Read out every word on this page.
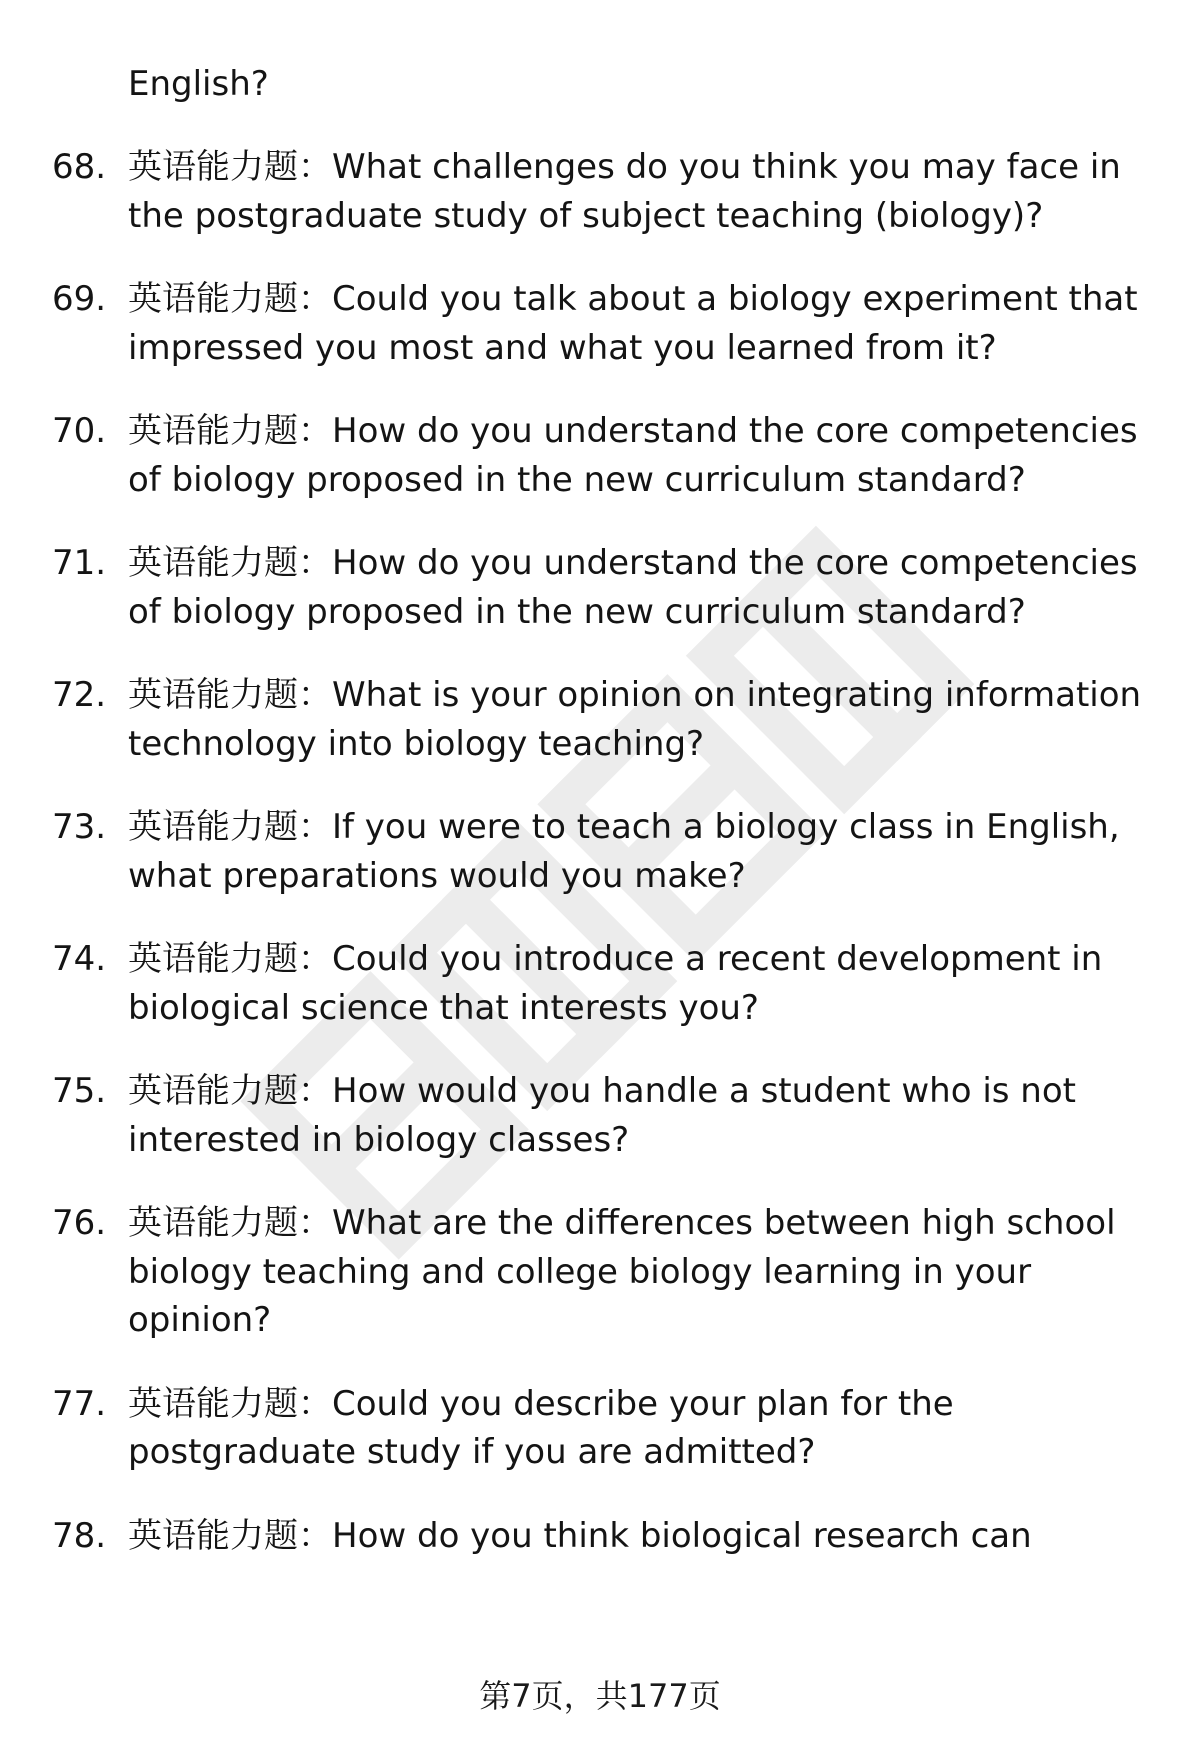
English?
68. 英语能力题：What challenges do you think you may face in the postgraduate study of subject teaching (biology)?
69. 英语能力题：Could you talk about a biology experiment that impressed you most and what you learned from it?
70. 英语能力题：How do you understand the core competencies of biology proposed in the new curriculum standard?
71. 英语能力题：How do you understand the core competencies of biology proposed in the new curriculum standard?
72. 英语能力题：What is your opinion on integrating information technology into biology teaching?
73. 英语能力题：If you were to teach a biology class in English, what preparations would you make?
74. 英语能力题：Could you introduce a recent development in biological science that interests you?
75. 英语能力题：How would you handle a student who is not interested in biology classes?
76. 英语能力题：What are the differences between high school biology teaching and college biology learning in your opinion?
77. 英语能力题：Could you describe your plan for the postgraduate study if you are admitted?
78. 英语能力题：How do you think biological research can
第7页，共177页
